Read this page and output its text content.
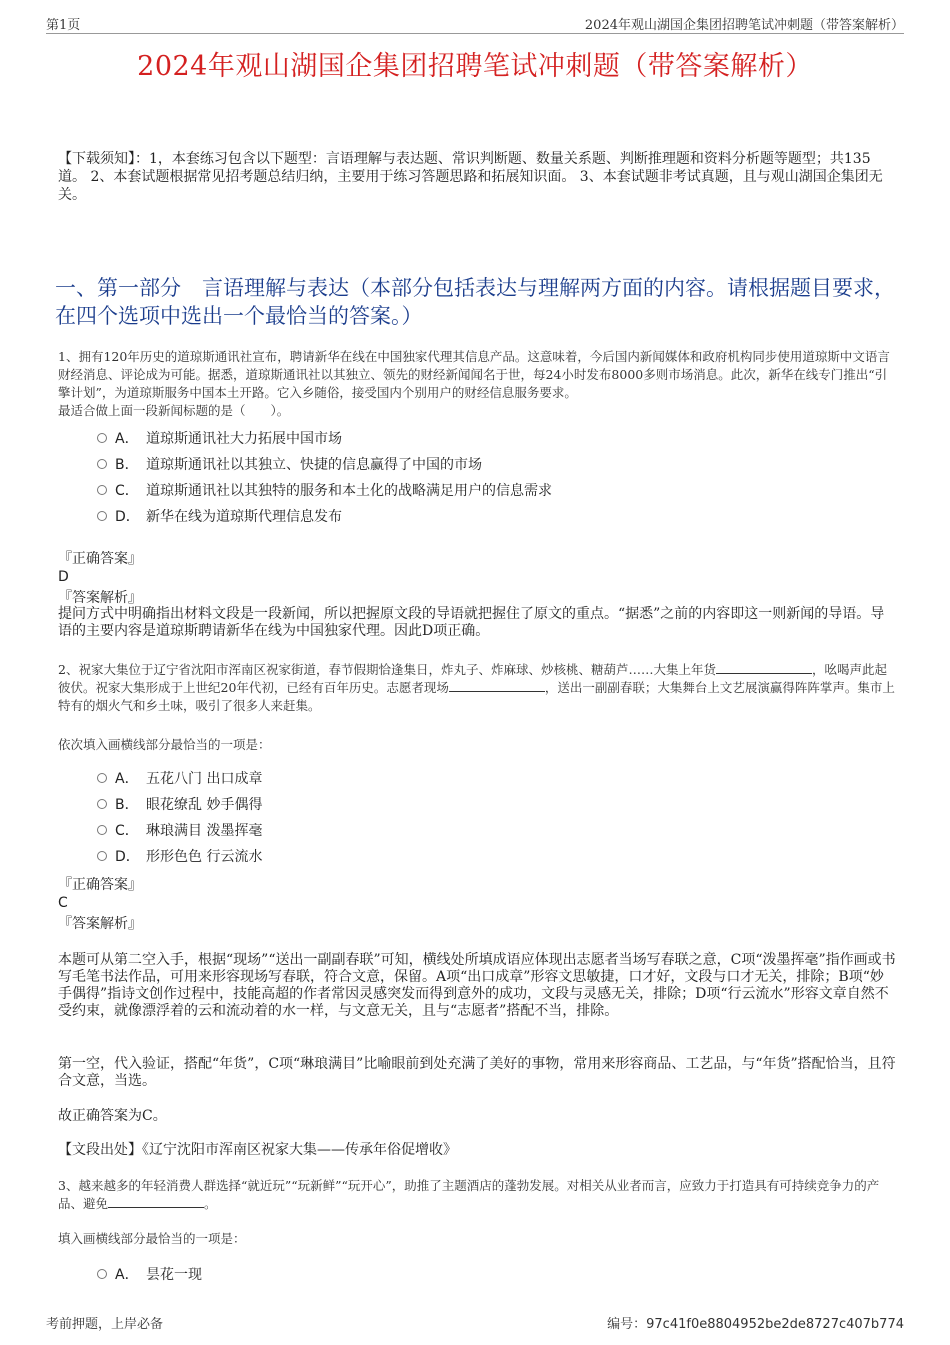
第1页	2024年观山湖国企集团招聘笔试冲刺题（带答案解析）
2024年观山湖国企集团招聘笔试冲刺题（带答案解析）
【下载须知】：1，本套练习包含以下题型：言语理解与表达题、常识判断题、数量关系题、判断推理题和资料分析题等题型；共135道。 2、本套试题根据常见招考题总结归纳，主要用于练习答题思路和拓展知识面。 3、本套试题非考试真题，且与观山湖国企集团无关。
一、第一部分　言语理解与表达（本部分包括表达与理解两方面的内容。请根据题目要求，在四个选项中选出一个最恰当的答案。）
1、拥有120年历史的道琼斯通讯社宣布，聘请新华在线在中国独家代理其信息产品。这意味着，今后国内新闻媒体和政府机构同步使用道琼斯中文语言财经消息、评论成为可能。据悉，道琼斯通讯社以其独立、领先的财经新闻闻名于世，每24小时发布8000多则市场消息。此次，新华在线专门推出“引擎计划”，为道琼斯服务中国本土开路。它入乡随俗，接受国内个别用户的财经信息服务要求。
最适合做上面一段新闻标题的是（　　）。
A． 道琼斯通讯社大力拓展中国市场
B． 道琼斯通讯社以其独立、快捷的信息赢得了中国的市场
C． 道琼斯通讯社以其独特的服务和本土化的战略满足用户的信息需求
D． 新华在线为道琼斯代理信息发布
『正确答案』
D
『答案解析』
提问方式中明确指出材料文段是一段新闻，所以把握原文段的导语就把握住了原文的重点。“据悉”之前的内容即这一则新闻的导语。导语的主要内容是道琼斯聘请新华在线为中国独家代理。因此D项正确。
2、祝家大集位于辽宁省沈阳市浑南区祝家街道，春节假期恰逢集日，炸丸子、炸麻球、炒核桃、糖葫芦……大集上年货	，吆喝声此起彼伏。祝家大集形成于上世纪20年代初，已经有百年历史。志愿者现场	，送出一副副春联；大集舞台上文艺展演赢得阵阵掌声。集市上特有的烟火气和乡土味，吸引了很多人来赶集。
依次填入画横线部分最恰当的一项是：
A． 五花八门 出口成章
B． 眼花缭乱 妙手偶得
C． 琳琅满目 泼墨挥毫
D． 形形色色 行云流水
『正确答案』
C
『答案解析』
本题可从第二空入手，根据“现场”“送出一副副春联”可知，横线处所填成语应体现出志愿者当场写春联之意，C项“泼墨挥毫”指作画或书写毛笔书法作品，可用来形容现场写春联，符合文意，保留。A项“出口成章”形容文思敏捷，口才好，文段与口才无关，排除；B项“妙手偶得”指诗文创作过程中，技能高超的作者常因灵感突发而得到意外的成功，文段与灵感无关，排除；D项“行云流水”形容文章自然不受约束，就像漂浮着的云和流动着的水一样，与文意无关，且与“志愿者”搭配不当，排除。
第一空，代入验证，搭配“年货”，C项“琳琅满目”比喻眼前到处充满了美好的事物，常用来形容商品、工艺品，与“年货”搭配恰当，且符合文意，当选。
故正确答案为C。
【文段出处】《辽宁沈阳市浑南区祝家大集——传承年俗促增收》
3、越来越多的年轻消费人群选择“就近玩”“玩新鲜”“玩开心”，助推了主题酒店的蓬勃发展。对相关从业者而言，应致力于打造具有可持续竞争力的产品、避免	。
填入画横线部分最恰当的一项是：
A． 昙花一现
考前押题，上岸必备	编号：97c41f0e8804952be2de8727c407b774
